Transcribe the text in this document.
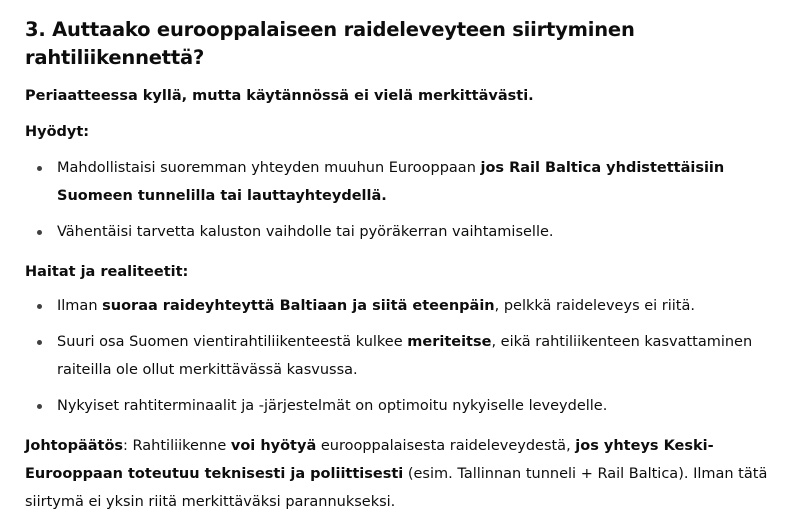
3. Auttaako eurooppalaiseen raideleveyteen siirtyminen rahtiliikennettä?

Periaatteessa kyllä, mutta käytännössä ei vielä merkittävästi.

Hyödyt:

Mahdollistaisi suoremman yhteyden muuhun Eurooppaan jos Rail Baltica yhdistettäisiin Suomeen tunnelilla tai lauttayhteydellä.
Vähentäisi tarvetta kaluston vaihdolle tai pyöräkerran vaihtamiselle.

Haitat ja realiteetit:

Ilman suoraa raideyhteyttä Baltiaan ja siitä eteenpäin, pelkkä raideleveys ei riitä.
Suuri osa Suomen vientirahtiliikenteestä kulkee meriteitse, eikä rahtiliikenteen kasvattaminen raiteilla ole ollut merkittävässä kasvussa.
Nykyiset rahtiterminaalit ja -järjestelmät on optimoitu nykyiselle leveydelle.

Johtopäätös: Rahtiliikenne voi hyötyä eurooppalaisesta raideleveydestä, jos yhteys Keski-Eurooppaan toteutuu teknisesti ja poliittisesti (esim. Tallinnan tunneli + Rail Baltica). Ilman tätä siirtymä ei yksin riitä merkittäväksi parannukseksi.
